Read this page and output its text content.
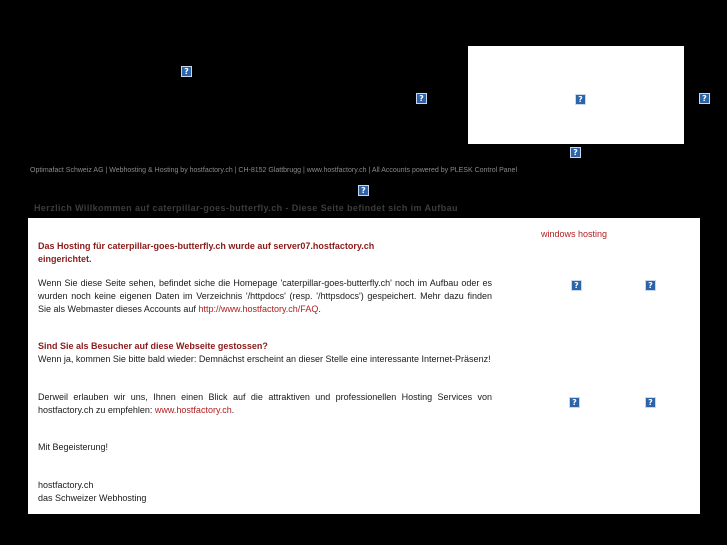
?
?	?	?
?
Optimafact Schweiz AG | Webhosting & Hosting by hostfactory.ch | CH-8152 Glattbrugg | www.hostfactory.ch | All Accounts powered by PLESK Control Panel
?
Herzlich Willkommen auf caterpillar-goes-butterfly.ch - Diese Seite befindet sich im Aufbau
windows hosting
Das Hosting für caterpillar-goes-butterfly.ch wurde auf server07.hostfactory.ch eingerichtet.
Wenn Sie diese Seite sehen, befindet siche die Homepage 'caterpillar-goes-butterfly.ch' noch im Aufbau oder es wurden noch keine eigenen Daten im Verzeichnis '/httpdocs' (resp. '/httpsdocs') gespeichert. Mehr dazu finden Sie als Webmaster dieses Accounts auf http://www.hostfactory.ch/FAQ.
Sind Sie als Besucher auf diese Webseite gestossen?
Wenn ja, kommen Sie bitte bald wieder: Demnächst erscheint an dieser Stelle eine interessante Internet-Präsenz!
Derweil erlauben wir uns, Ihnen einen Blick auf die attraktiven und professionellen Hosting Services von hostfactory.ch zu empfehlen: www.hostfactory.ch.
Mit Begeisterung!
hostfactory.ch
das Schweizer Webhosting
?	?
?	?
